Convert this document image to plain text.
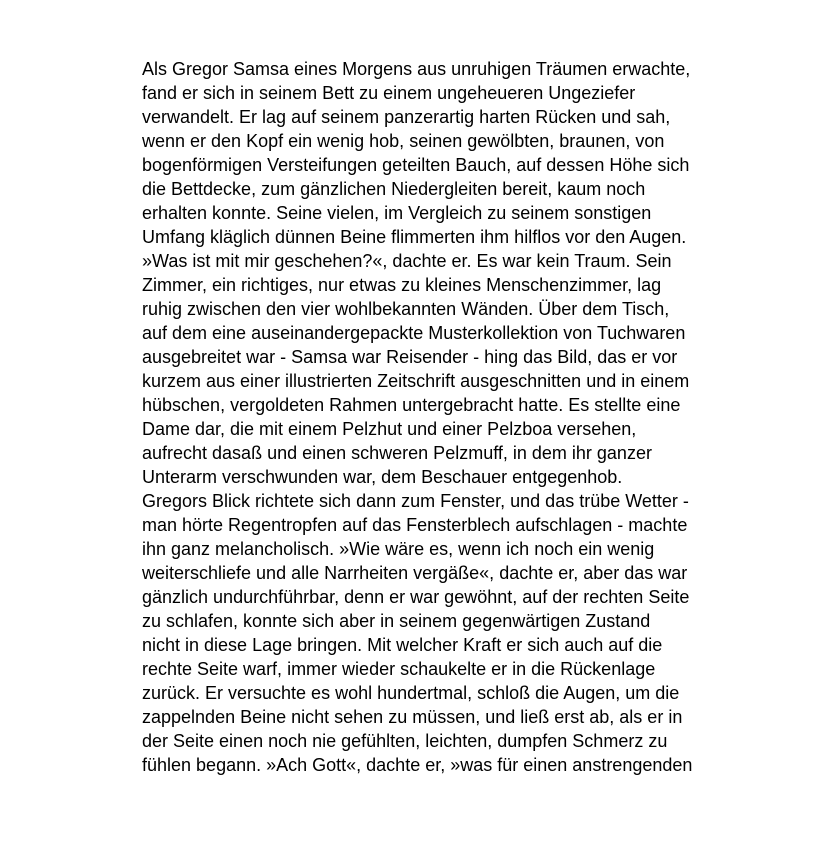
Als Gregor Samsa eines Morgens aus unruhigen Träumen erwachte,
fand er sich in seinem Bett zu einem ungeheueren Ungeziefer
verwandelt. Er lag auf seinem panzerartig harten Rücken und sah,
wenn er den Kopf ein wenig hob, seinen gewölbten, braunen, von
bogenförmigen Versteifungen geteilten Bauch, auf dessen Höhe sich
die Bettdecke, zum gänzlichen Niedergleiten bereit, kaum noch
erhalten konnte. Seine vielen, im Vergleich zu seinem sonstigen
Umfang kläglich dünnen Beine flimmerten ihm hilflos vor den Augen.
»Was ist mit mir geschehen?«, dachte er. Es war kein Traum. Sein
Zimmer, ein richtiges, nur etwas zu kleines Menschenzimmer, lag
ruhig zwischen den vier wohlbekannten Wänden. Über dem Tisch,
auf dem eine auseinandergepackte Musterkollektion von Tuchwaren
ausgebreitet war - Samsa war Reisender - hing das Bild, das er vor
kurzem aus einer illustrierten Zeitschrift ausgeschnitten und in einem
hübschen, vergoldeten Rahmen untergebracht hatte. Es stellte eine
Dame dar, die mit einem Pelzhut und einer Pelzboa versehen,
aufrecht dasaß und einen schweren Pelzmuff, in dem ihr ganzer
Unterarm verschwunden war, dem Beschauer entgegenhob.
Gregors Blick richtete sich dann zum Fenster, und das trübe Wetter -
man hörte Regentropfen auf das Fensterblech aufschlagen - machte
ihn ganz melancholisch. »Wie wäre es, wenn ich noch ein wenig
weiterschliefe und alle Narrheiten vergäße«, dachte er, aber das war
gänzlich undurchführbar, denn er war gewöhnt, auf der rechten Seite
zu schlafen, konnte sich aber in seinem gegenwärtigen Zustand
nicht in diese Lage bringen. Mit welcher Kraft er sich auch auf die
rechte Seite warf, immer wieder schaukelte er in die Rückenlage
zurück. Er versuchte es wohl hundertmal, schloß die Augen, um die
zappelnden Beine nicht sehen zu müssen, und ließ erst ab, als er in
der Seite einen noch nie gefühlten, leichten, dumpfen Schmerz zu
fühlen begann. »Ach Gott«, dachte er, »was für einen anstrengenden
